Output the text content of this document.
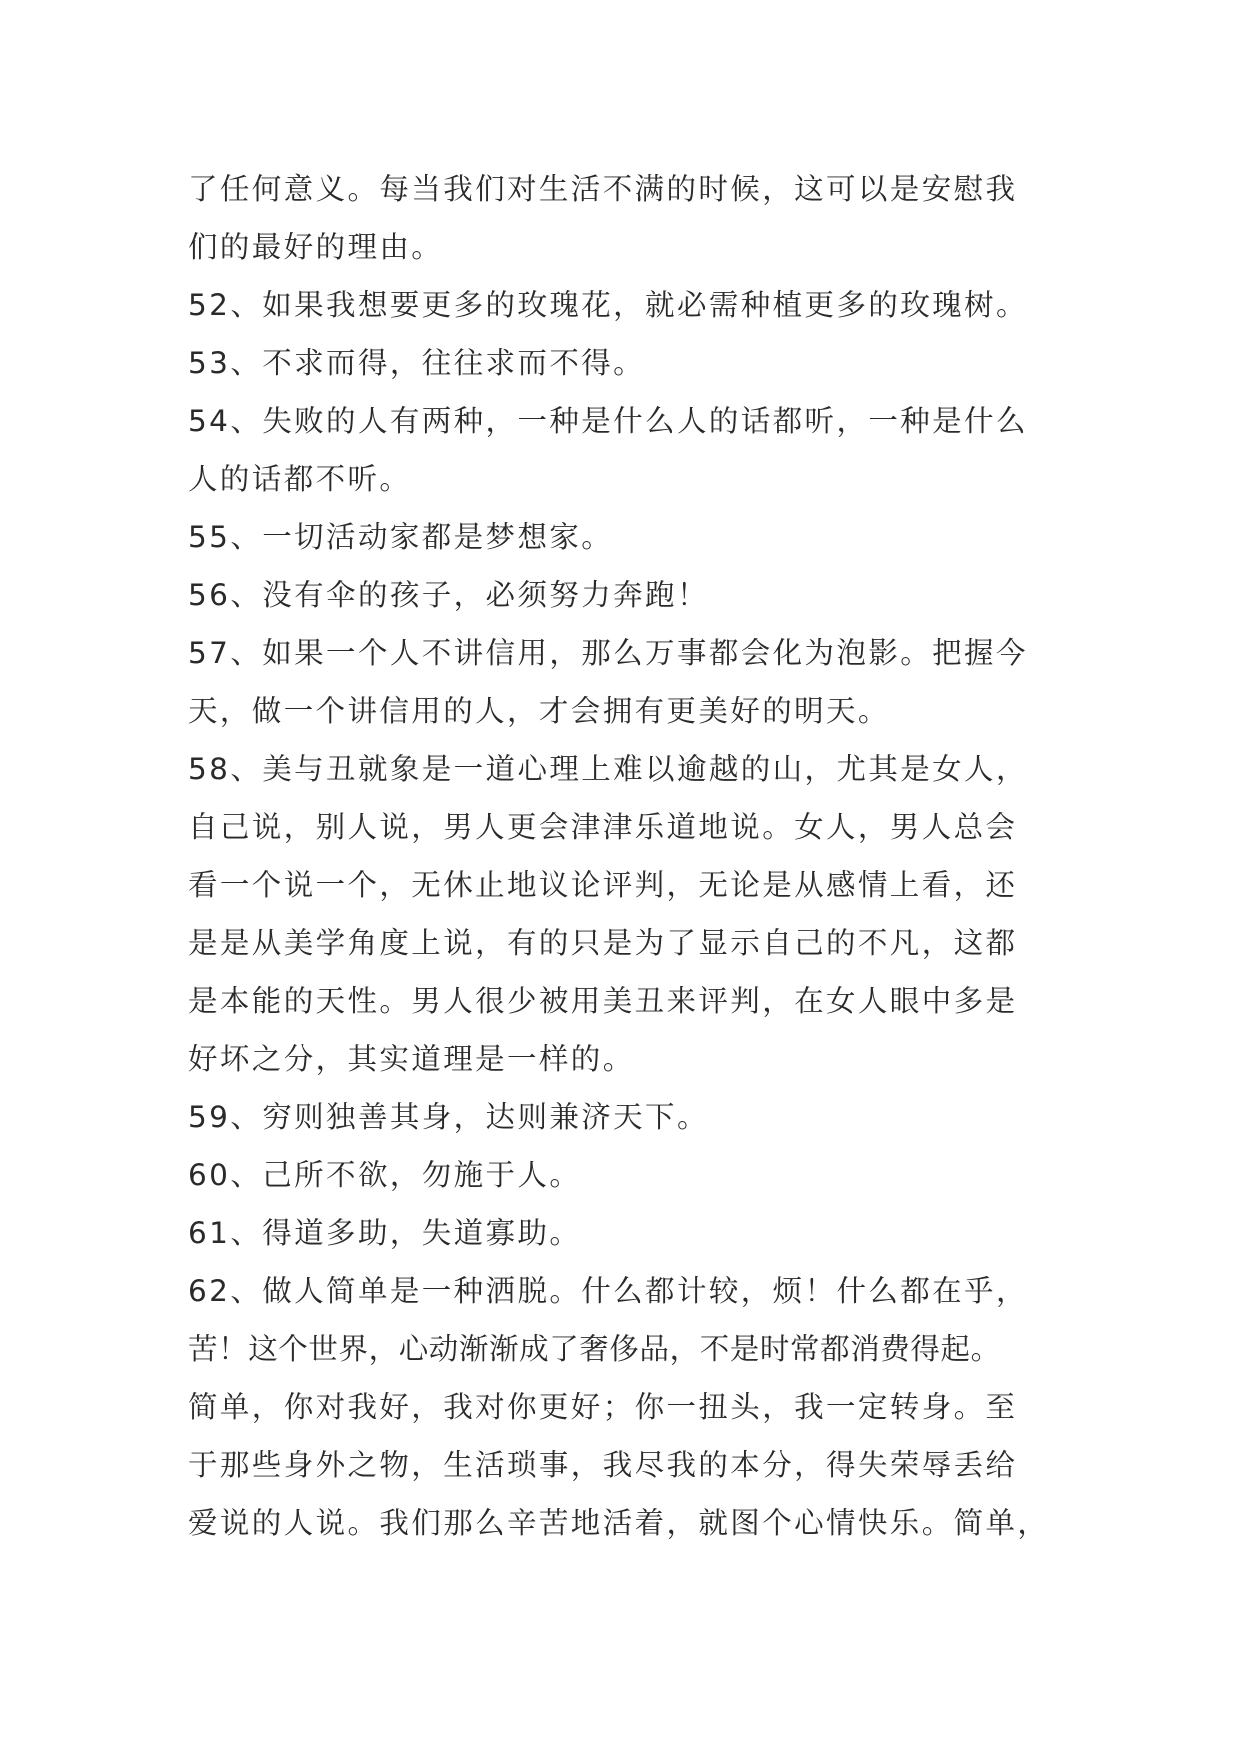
了任何意义。每当我们对生活不满的时候，这可以是安慰我
们的最好的理由。
52、如果我想要更多的玫瑰花，就必需种植更多的玫瑰树。
53、不求而得，往往求而不得。
54、失败的人有两种，一种是什么人的话都听，一种是什么
人的话都不听。
55、一切活动家都是梦想家。
56、没有伞的孩子，必须努力奔跑！
57、如果一个人不讲信用，那么万事都会化为泡影。把握今
天，做一个讲信用的人，才会拥有更美好的明天。
58、美与丑就象是一道心理上难以逾越的山，尤其是女人，
自己说，别人说，男人更会津津乐道地说。女人，男人总会
看一个说一个，无休止地议论评判，无论是从感情上看，还
是是从美学角度上说，有的只是为了显示自己的不凡，这都
是本能的天性。男人很少被用美丑来评判，在女人眼中多是
好坏之分，其实道理是一样的。
59、穷则独善其身，达则兼济天下。
60、己所不欲，勿施于人。
61、得道多助，失道寡助。
62、做人简单是一种洒脱。什么都计较，烦！什么都在乎，
苦！这个世界，心动渐渐成了奢侈品，不是时常都消费得起。
简单，你对我好，我对你更好；你一扭头，我一定转身。至
于那些身外之物，生活琐事，我尽我的本分，得失荣辱丢给
爱说的人说。我们那么辛苦地活着，就图个心情快乐。简单，
